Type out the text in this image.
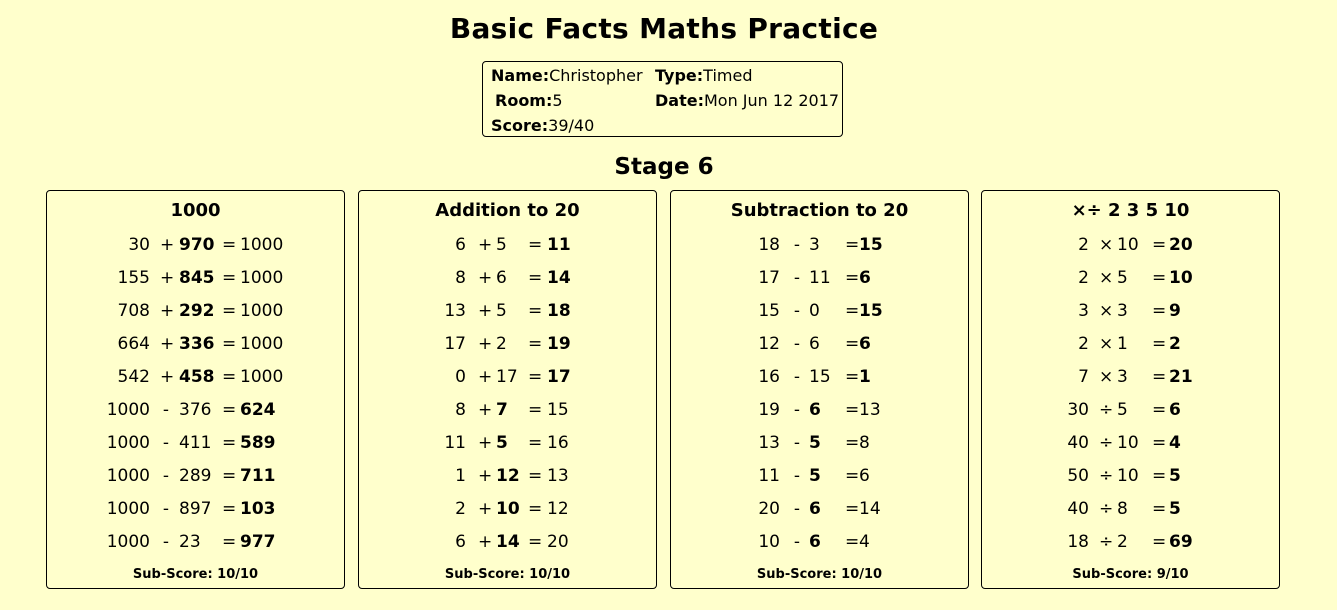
Basic Facts Maths Practice
Name:Christopher Type:Timed
Room:5	Date:Mon Jun 12 2017
Score:39/40
Stage 6
1000
30 + 970 = 1000
155 + 845 = 1000
708 + 292 = 1000
664 + 336 = 1000
542 + 458 = 1000
1000 - 376 = 624
1000 - 411 = 589
1000 - 289 = 711
1000 - 897 = 103
1000 - 23 = 977
Sub-Score: 10/10
Addition to 20
6 + 5 = 11
8 + 6 = 14
13 + 5 = 18
17 + 2 = 19
0 + 17 = 17
8 + 7 = 15
11 + 5 = 16
1 + 12 = 13
2 + 10 = 12
6 + 14 = 20
Sub-Score: 10/10
Subtraction to 20
18 - 3 = 15
17 - 11 = 6
15 - 0 = 15
12 - 6 = 6
16 - 15 = 1
19 - 6 = 13
13 - 5 = 8
11 - 5 = 6
20 - 6 = 14
10 - 6 = 4
Sub-Score: 10/10
×÷ 2 3 5 10
2 × 10 = 20
2 × 5 = 10
3 × 3 = 9
2 × 1 = 2
7 × 3 = 21
30 ÷ 5 = 6
40 ÷ 10 = 4
50 ÷ 10 = 5
40 ÷ 8 = 5
18 ÷ 2 = 69
Sub-Score: 9/10
